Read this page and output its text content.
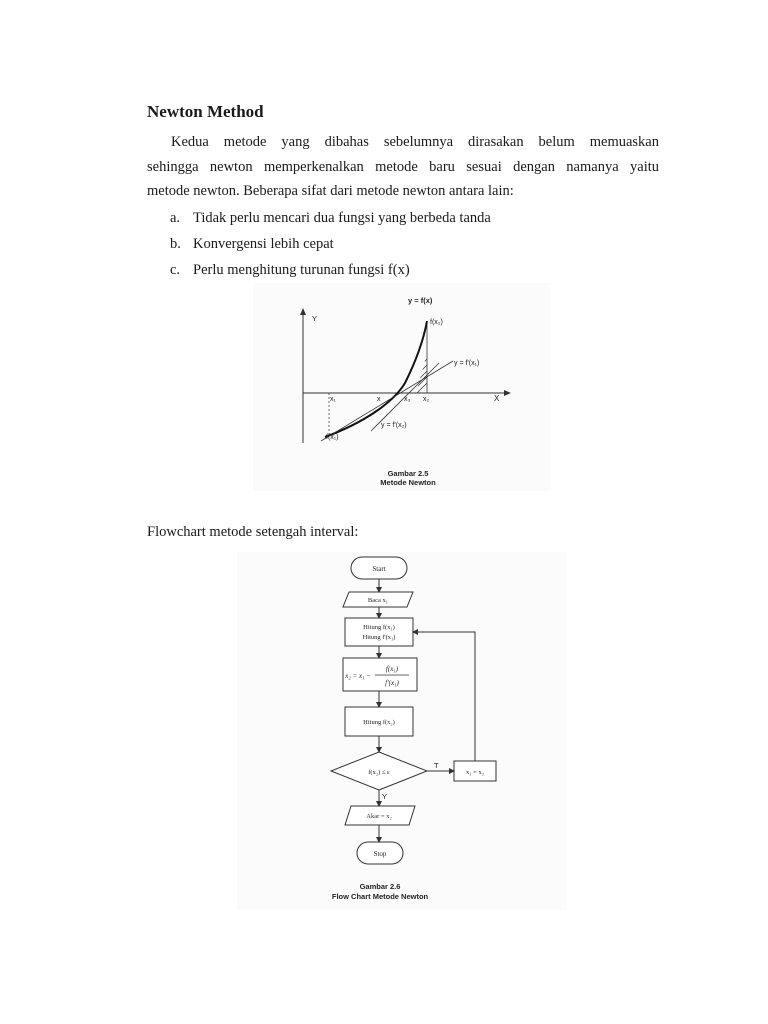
Newton Method
Kedua metode yang dibahas sebelumnya dirasakan belum memuaskan
sehingga newton memperkenalkan metode baru sesuai dengan namanya yaitu
metode newton. Beberapa sifat dari metode newton antara lain:
a. Tidak perlu mencari dua fungsi yang berbeda tanda
b. Konvergensi lebih cepat
c. Perlu menghitung turunan fungsi f(x)
y = f(x)
Y
X
f(x₂)
y = f'(x₁)
y = f'(x₂)
f(x₁)
x₁	x	x₃ x₂
Gambar 2.5
Metode Newton

Flowchart metode setengah interval:

Start
Baca x₁
Hitung f(x₁)
Hitung f'(x₁)
x₂ = x₁ −
f(x₁)
f'(x₁)
Hitung f(x₂)
f(x₂) ≤ ε
T
x₁ = x₂
Y
Akar = x₂
Stop
Gambar 2.6
Flow Chart Metode Newton
